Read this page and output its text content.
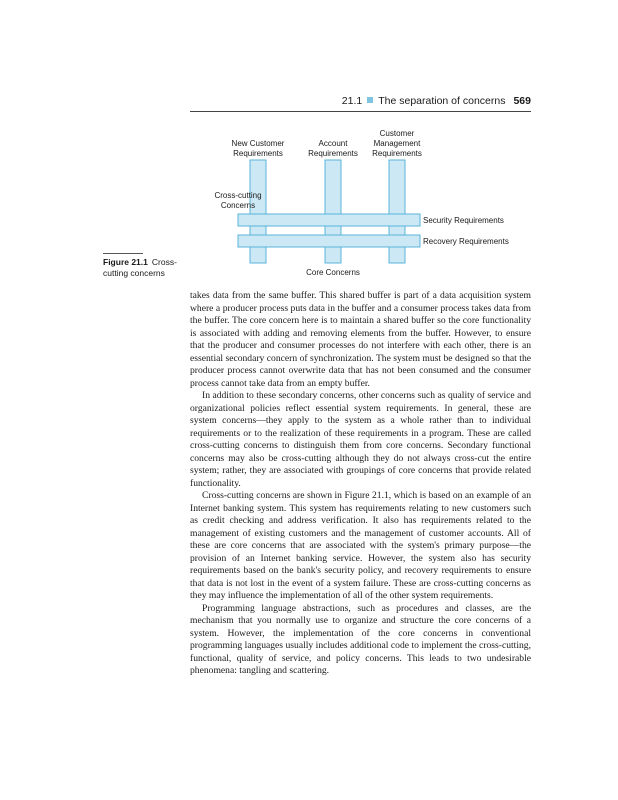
21.1 The separation of concerns 569
New Customer
Requirements
Account
Requirements
Customer
Management
Requirements
Cross-cutting
Concerns
Security Requirements
Recovery Requirements
Core Concerns
Figure 21.1 Cross-cutting concerns

takes data from the same buffer. This shared buffer is part of a data acquisition system where a producer process puts data in the buffer and a consumer process takes data from the buffer. The core concern here is to maintain a shared buffer so the core functionality is associated with adding and removing elements from the buffer. However, to ensure that the producer and consumer processes do not interfere with each other, there is an essential secondary concern of synchronization. The system must be designed so that the producer process cannot overwrite data that has not been consumed and the consumer process cannot take data from an empty buffer.

In addition to these secondary concerns, other concerns such as quality of service and organizational policies reflect essential system requirements. In general, these are system concerns—they apply to the system as a whole rather than to individual requirements or to the realization of these requirements in a program. These are called cross-cutting concerns to distinguish them from core concerns. Secondary functional concerns may also be cross-cutting although they do not always cross-cut the entire system; rather, they are associated with groupings of core concerns that provide related functionality.

Cross-cutting concerns are shown in Figure 21.1, which is based on an example of an Internet banking system. This system has requirements relating to new customers such as credit checking and address verification. It also has requirements related to the management of existing customers and the management of customer accounts. All of these are core concerns that are associated with the system's primary purpose—the provision of an Internet banking service. However, the system also has security requirements based on the bank's security policy, and recovery requirements to ensure that data is not lost in the event of a system failure. These are cross-cutting concerns as they may influence the implementation of all of the other system requirements.

Programming language abstractions, such as procedures and classes, are the mechanism that you normally use to organize and structure the core concerns of a system. However, the implementation of the core concerns in conventional programming languages usually includes additional code to implement the cross-cutting, functional, quality of service, and policy concerns. This leads to two undesirable phenomena: tangling and scattering.
